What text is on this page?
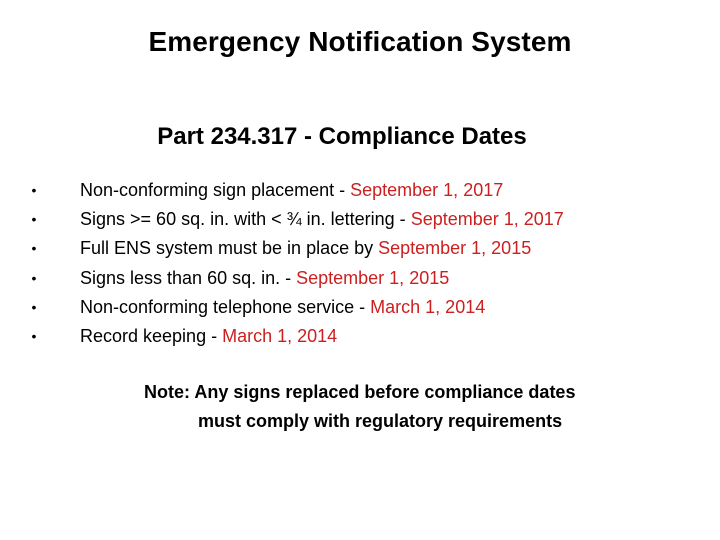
Emergency Notification System
Part 234.317 - Compliance Dates
• Non-conforming sign placement - September 1, 2017
• Signs >= 60 sq. in. with < ¾ in. lettering - September 1, 2017
• Full ENS system must be in place by September 1, 2015
• Signs less than 60 sq. in. - September 1, 2015
• Non-conforming telephone service - March 1, 2014
• Record keeping - March 1, 2014
Note: Any signs replaced before compliance dates
must comply with regulatory requirements
